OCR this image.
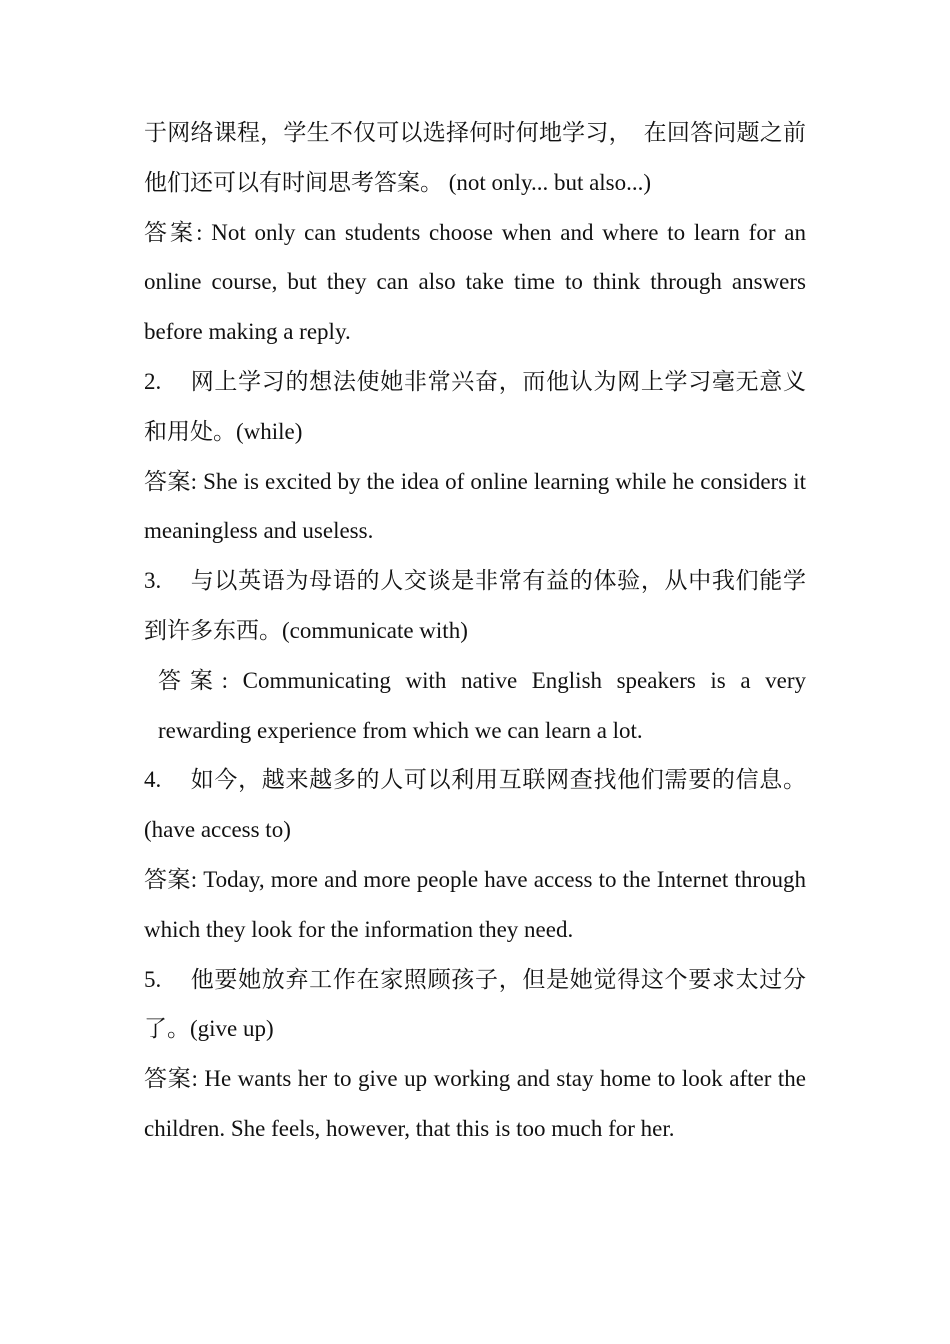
于网络课程，学生不仅可以选择何时何地学习，　在回答问题之前他们还可以有时间思考答案。 (not only... but also...)

答案: Not only can students choose when and where to learn for an online course, but they can also take time to think through answers before making a reply.

2. 网上学习的想法使她非常兴奋，而他认为网上学习毫无意义和用处。(while)

答案: She is excited by the idea of online learning while he considers it meaningless and useless.

3. 与以英语为母语的人交谈是非常有益的体验，从中我们能学到许多东西。(communicate with)

答案: Communicating with native English speakers is a very rewarding experience from which we can learn a lot.

4. 如今，越来越多的人可以利用互联网查找他们需要的信息。(have access to)

答案: Today, more and more people have access to the Internet through which they look for the information they need.

5. 他要她放弃工作在家照顾孩子，但是她觉得这个要求太过分了。(give up)

答案: He wants her to give up working and stay home to look after the children. She feels, however, that this is too much for her.
